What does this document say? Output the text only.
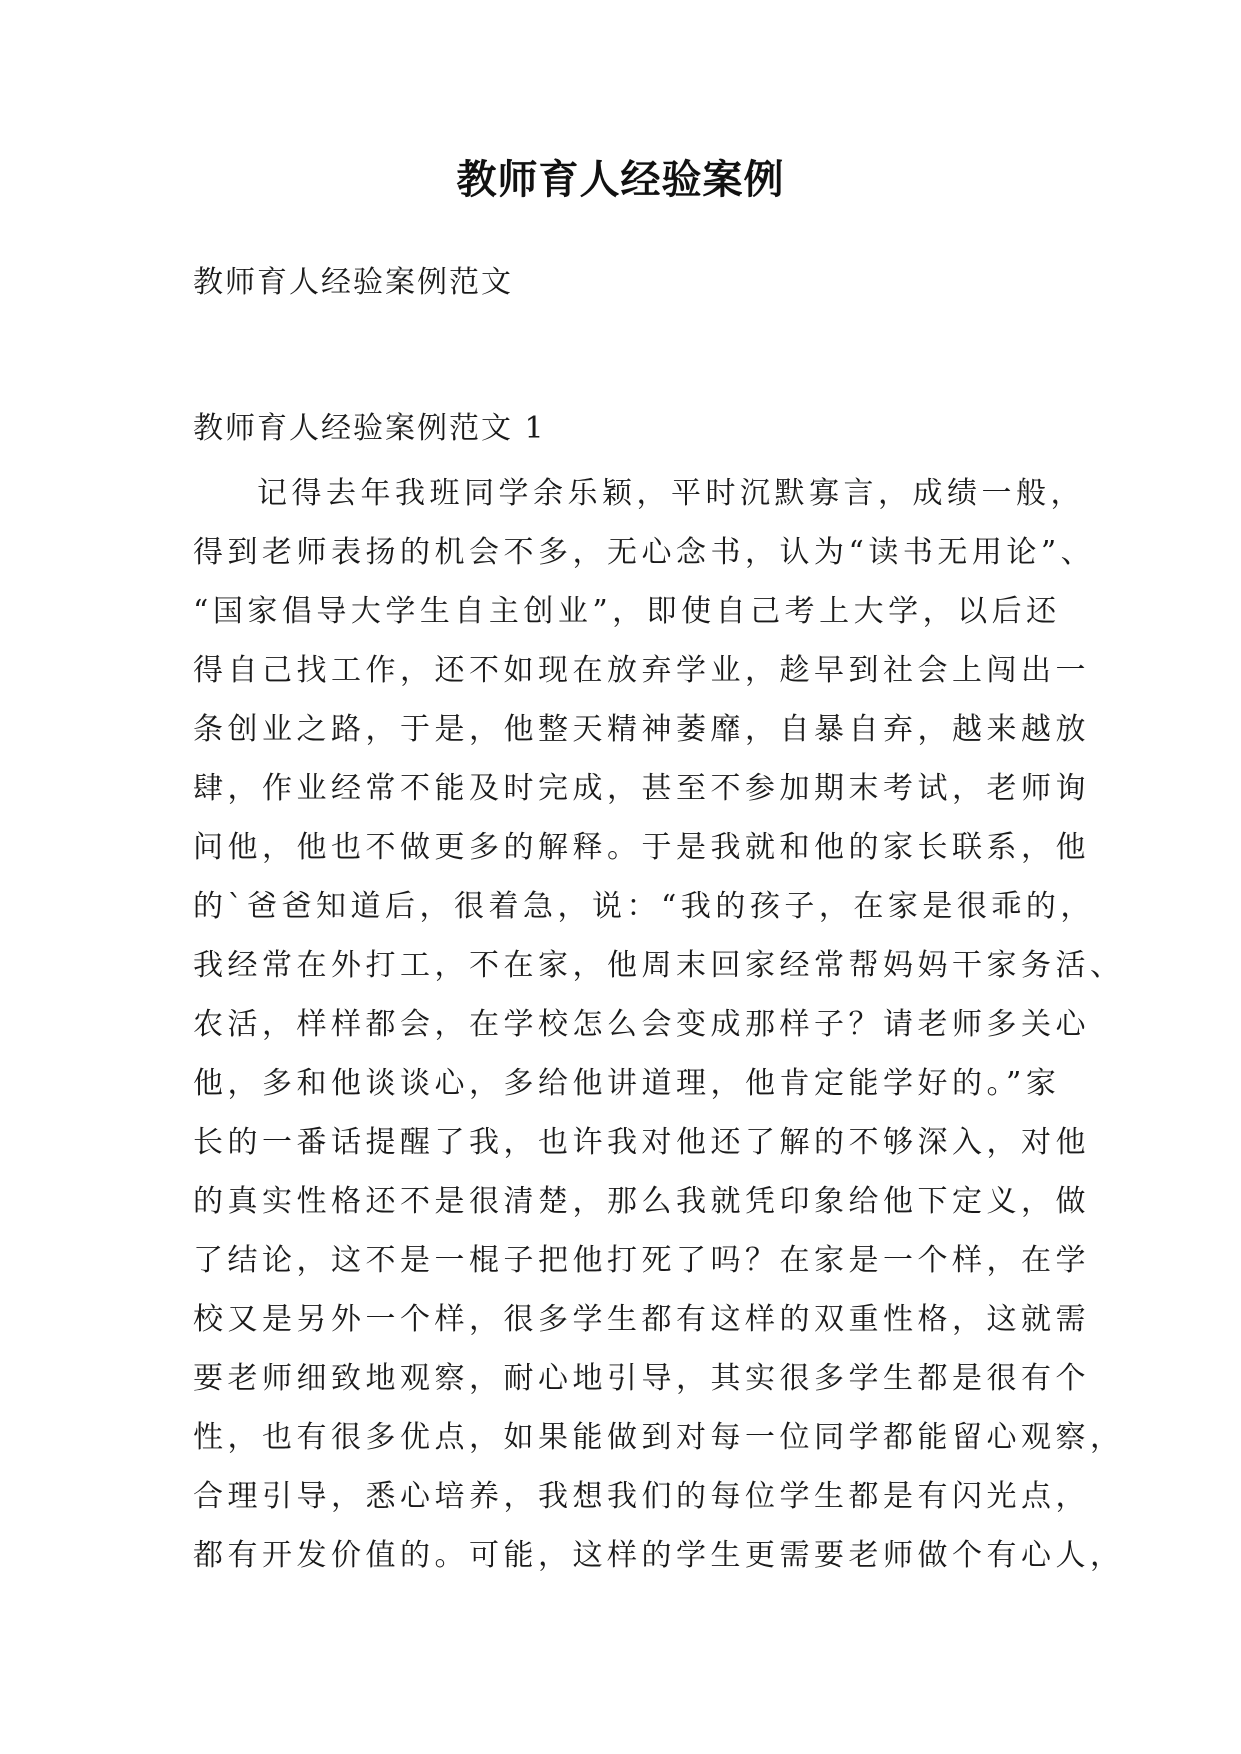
教师育人经验案例
教师育人经验案例范文
教师育人经验案例范文 1
记得去年我班同学余乐颖，平时沉默寡言，成绩一般，
得到老师表扬的机会不多，无心念书，认为“读书无用论”、
“国家倡导大学生自主创业”，即使自己考上大学，以后还
得自己找工作，还不如现在放弃学业，趁早到社会上闯出一
条创业之路，于是，他整天精神萎靡，自暴自弃，越来越放
肆，作业经常不能及时完成，甚至不参加期末考试，老师询
问他，他也不做更多的解释。于是我就和他的家长联系，他
的`爸爸知道后，很着急，说：“我的孩子，在家是很乖的，
我经常在外打工，不在家，他周末回家经常帮妈妈干家务活、
农活，样样都会，在学校怎么会变成那样子？请老师多关心
他，多和他谈谈心，多给他讲道理，他肯定能学好的。”家
长的一番话提醒了我，也许我对他还了解的不够深入，对他
的真实性格还不是很清楚，那么我就凭印象给他下定义，做
了结论，这不是一棍子把他打死了吗？在家是一个样，在学
校又是另外一个样，很多学生都有这样的双重性格，这就需
要老师细致地观察，耐心地引导，其实很多学生都是很有个
性，也有很多优点，如果能做到对每一位同学都能留心观察，
合理引导，悉心培养，我想我们的每位学生都是有闪光点，
都有开发价值的。可能，这样的学生更需要老师做个有心人，
